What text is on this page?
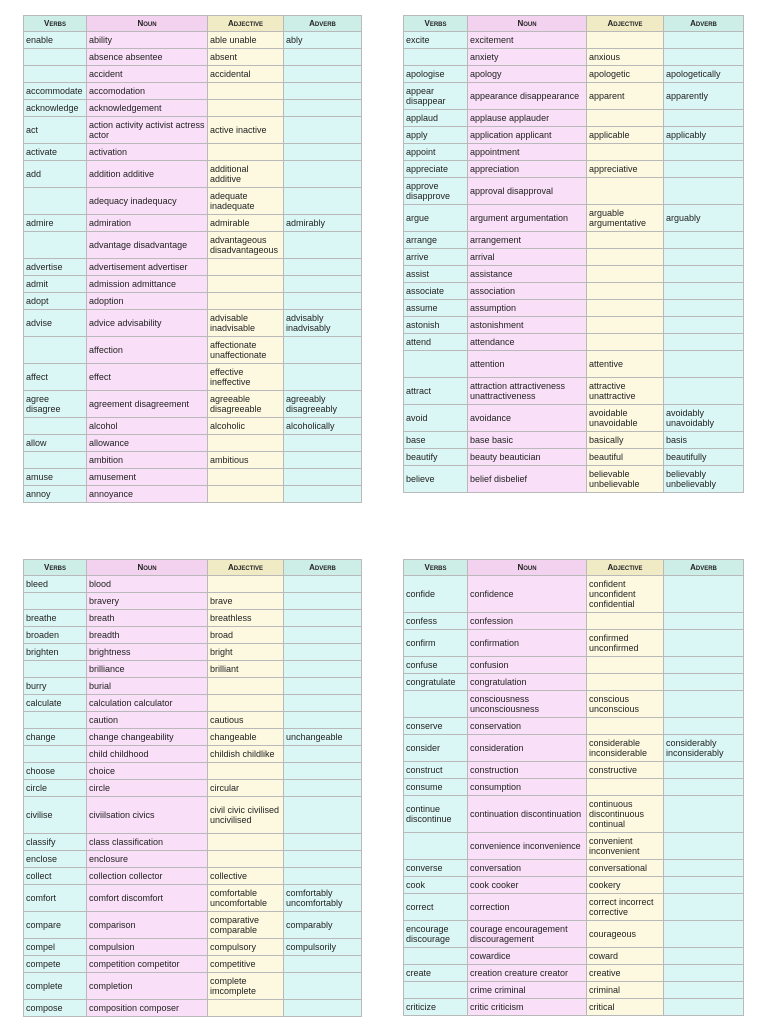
Verbs	Noun	Adjective	Adverb
enable	ability	able unable	ably
	absence absentee	absent	
	accident	accidental	
accommodate	accomodation		
acknowledge	acknowledgement		
act	action activity activist actress actor	active inactive	
activate	activation		
add	addition additive	additional additive	
	adequacy inadequacy	adequate inadequate	
admire	admiration	admirable	admirably
	advantage disadvantage	advantageous disadvantageous	
advertise	advertisement advertiser		
admit	admission admittance		
adopt	adoption		
advise	advice advisability	advisable inadvisable	advisably inadvisably
	affection	affectionate unaffectionate	
affect	effect	effective ineffective	
agree disagree	agreement disagreement	agreeable disagreeable	agreeably disagreeably
	alcohol	alcoholic	alcoholically
allow	allowance		
	ambition	ambitious	
amuse	amusement		
annoy	annoyance		
Verbs	Noun	Adjective	Adverb
excite	excitement		
	anxiety	anxious	
apologise	apology	apologetic	apologetically
appear disappear	appearance disappearance	apparent	apparently
applaud	applause applauder		
apply	application applicant	applicable	applicably
appoint	appointment		
appreciate	appreciation	appreciative	
approve disapprove	approval disapproval		
argue	argument argumentation	arguable argumentative	arguably
arrange	arrangement		
arrive	arrival		
assist	assistance		
associate	association		
assume	assumption		
astonish	astonishment		
attend	attendance		
	attention	attentive	
attract	attraction attractiveness unattractiveness	attractive unattractive	
avoid	avoidance	avoidable unavoidable	avoidably unavoidably
base	base basic	basically	basis
beautify	beauty beautician	beautiful	beautifully
believe	belief disbelief	believable unbelievable	believably unbelievably
Verbs	Noun	Adjective	Adverb
bleed	blood		
	bravery	brave	
breathe	breath	breathless	
broaden	breadth	broad	
brighten	brightness	bright	
	brilliance	brilliant	
burry	burial		
calculate	calculation calculator		
	caution	cautious	
change	change changeability	changeable	unchangeable
	child childhood	childish childlike	
choose	choice		
circle	circle	circular	
civilise	civiilsation civics	civil civic civilised uncivilised	
classify	class classification		
enclose	enclosure		
collect	collection collector	collective	
comfort	comfort discomfort	comfortable uncomfortable	comfortably uncomfortably
compare	comparison	comparative comparable	comparably
compel	compulsion	compulsory	compulsorily
compete	competition competitor	competitive	
complete	completion	complete imcomplete	
compose	composition composer		
Verbs	Noun	Adjective	Adverb
confide	confidence	confident unconfident confidential	
confess	confession		
confirm	confirmation	confirmed unconfirmed	
confuse	confusion		
congratulate	congratulation		
	consciousness unconsciousness	conscious unconscious	
conserve	conservation		
consider	consideration	considerable inconsiderable	considerably inconsiderably
construct	construction	constructive	
consume	consumption		
continue discontinue	continuation discontinuation	continuous discontinuous continual	
	convenience inconvenience	convenient inconvenient	
converse	conversation	conversational	
cook	cook cooker	cookery	
correct	correction	correct incorrect corrective	
encourage discourage	courage encouragement discouragement	courageous	
	cowardice	coward	
create	creation creature creator	creative	
	crime criminal	criminal	
criticize	critic criticism	critical	
